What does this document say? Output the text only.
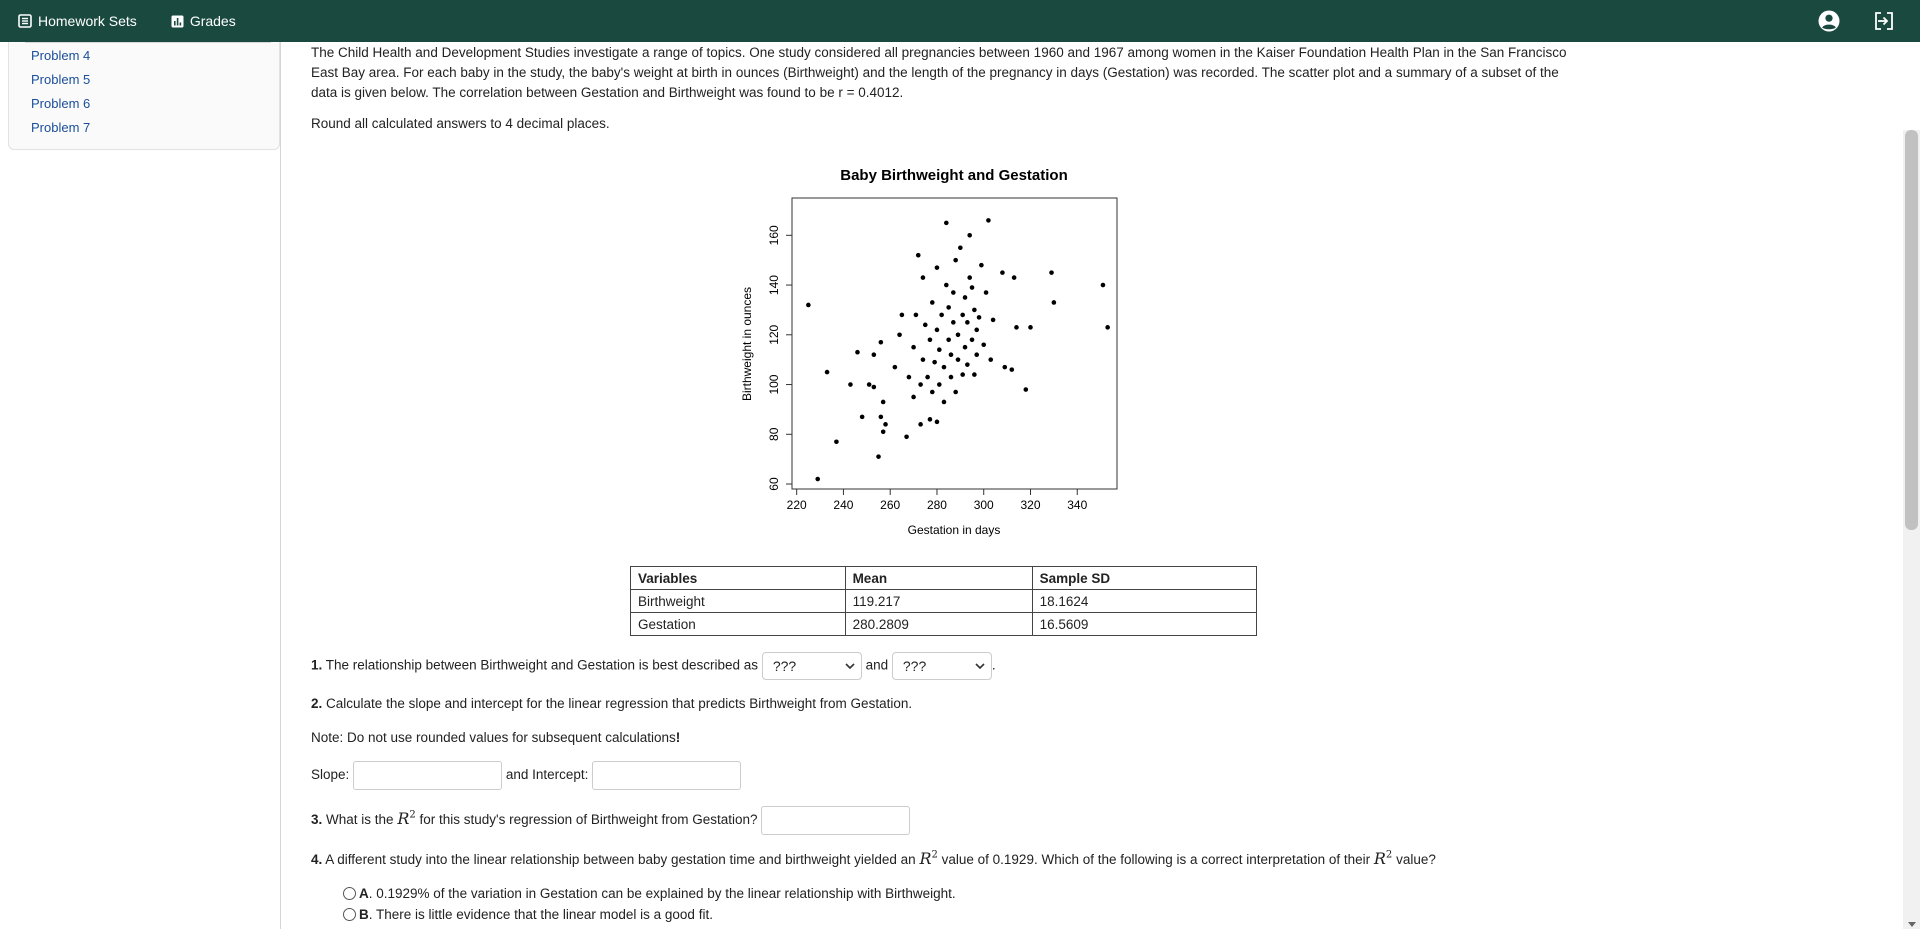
Homework Sets	Grades
Problem 4
Problem 5
Problem 6
Problem 7

The Child Health and Development Studies investigate a range of topics. One study considered all pregnancies between 1960 and 1967 among women in the Kaiser Foundation Health Plan in the San Francisco East Bay area. For each baby in the study, the baby's weight at birth in ounces (Birthweight) and the length of the pregnancy in days (Gestation) was recorded. The scatter plot and a summary of a subset of the data is given below. The correlation between Gestation and Birthweight was found to be r = 0.4012.

Round all calculated answers to 4 decimal places.

Baby Birthweight and Gestation
220 240 260 280 300 320 340
60
80
100
120
140
160
Gestation in days
Birthweight in ounces
Variables	Mean	Sample SD
Birthweight	119.217	18.1624
Gestation	280.2809	16.5609
1. The relationship between Birthweight and Gestation is best described as ???	and ???	.
2. Calculate the slope and intercept for the linear regression that predicts Birthweight from Gestation.
Note: Do not use rounded values for subsequent calculations!
Slope:	and Intercept:
3. What is the $R^2$ for this study's regression of Birthweight from Gestation?
4. A different study into the linear relationship between baby gestation time and birthweight yielded an $R^2$ value of 0.1929. Which of the following is a correct interpretation of their $R^2$ value?
A . 0.1929% of the variation in Gestation can be explained by the linear relationship with Birthweight.
B . There is little evidence that the linear model is a good fit.
